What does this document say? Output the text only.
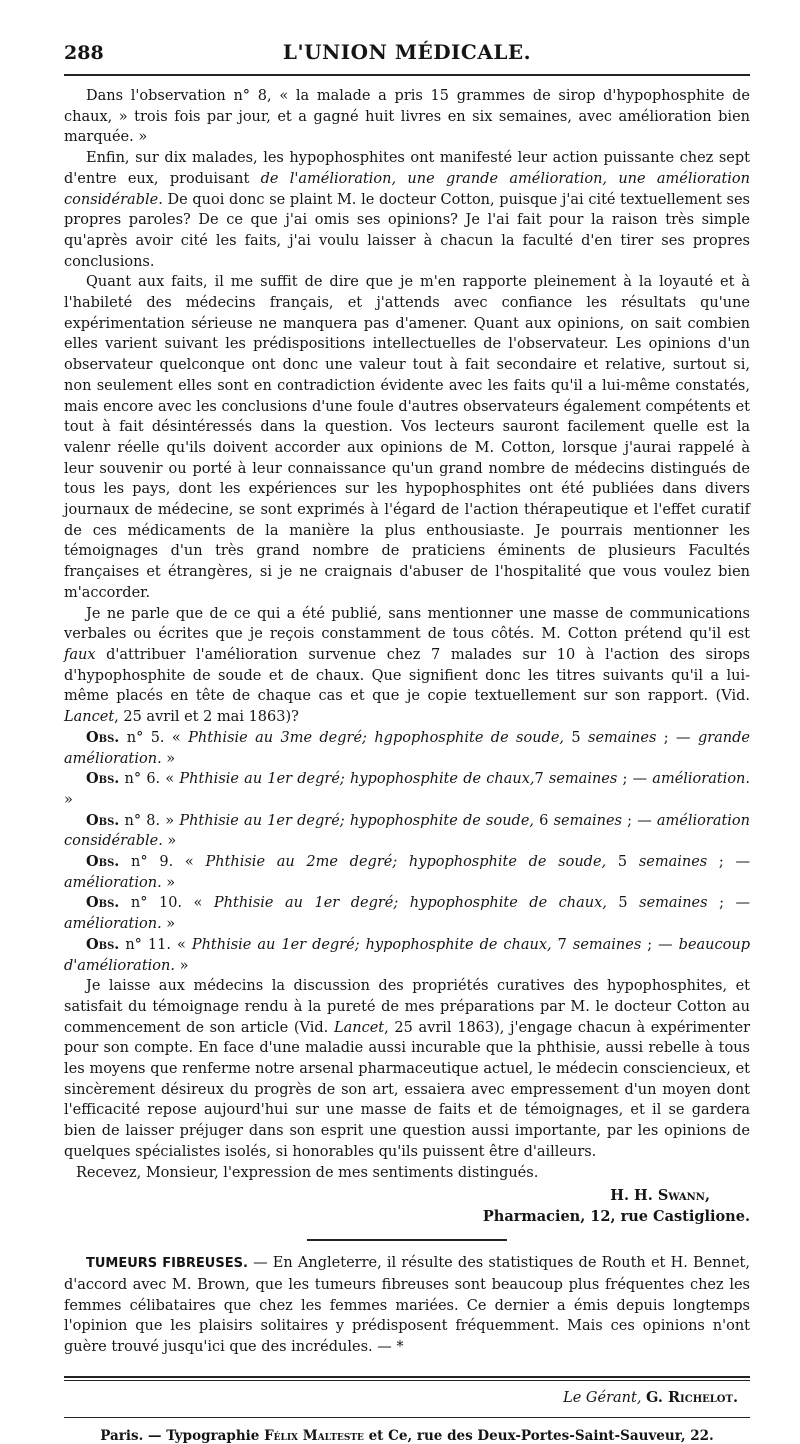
288	L'UNION MÉDICALE.

Dans l'observation n° 8, « la malade a pris 15 grammes de sirop d'hypophosphite de chaux, » trois fois par jour, et a gagné huit livres en six semaines, avec amélioration bien marquée. »

Enfin, sur dix malades, les hypophosphites ont manifesté leur action puissante chez sept d'entre eux, produisant de l'amélioration, une grande amélioration, une amélioration considérable. De quoi donc se plaint M. le docteur Cotton, puisque j'ai cité textuellement ses propres paroles? De ce que j'ai omis ses opinions? Je l'ai fait pour la raison très simple qu'après avoir cité les faits, j'ai voulu laisser à chacun la faculté d'en tirer ses propres conclusions.

Quant aux faits, il me suffit de dire que je m'en rapporte pleinement à la loyauté et à l'habileté des médecins français, et j'attends avec confiance les résultats qu'une expérimentation sérieuse ne manquera pas d'amener. Quant aux opinions, on sait combien elles varient suivant les prédispositions intellectuelles de l'observateur. Les opinions d'un observateur quelconque ont donc une valeur tout à fait secondaire et relative, surtout si, non seulement elles sont en contradiction évidente avec les faits qu'il a lui-même constatés, mais encore avec les conclusions d'une foule d'autres observateurs également compétents et tout à fait désintéressés dans la question. Vos lecteurs sauront facilement quelle est la valenr réelle qu'ils doivent accorder aux opinions de M. Cotton, lorsque j'aurai rappelé à leur souvenir ou porté à leur connaissance qu'un grand nombre de médecins distingués de tous les pays, dont les expériences sur les hypophosphites ont été publiées dans divers journaux de médecine, se sont exprimés à l'égard de l'action thérapeutique et l'effet curatif de ces médicaments de la manière la plus enthousiaste. Je pourrais mentionner les témoignages d'un très grand nombre de praticiens éminents de plusieurs Facultés françaises et étrangères, si je ne craignais d'abuser de l'hospitalité que vous voulez bien m'accorder.

Je ne parle que de ce qui a été publié, sans mentionner une masse de communications verbales ou écrites que je reçois constamment de tous côtés. M. Cotton prétend qu'il est faux d'attribuer l'amélioration survenue chez 7 malades sur 10 à l'action des sirops d'hypophosphite de soude et de chaux. Que signifient donc les titres suivants qu'il a lui-même placés en tête de chaque cas et que je copie textuellement sur son rapport. (Vid. Lancet, 25 avril et 2 mai 1863)?

Obs. n° 5. « Phthisie au 3me degré; hgpophosphite de soude, 5 semaines ; — grande amélioration. »

Obs. n° 6. « Phthisie au 1er degré; hypophosphite de chaux,7 semaines ; — amélioration. »

Obs. n° 8. » Phthisie au 1er degré; hypophosphite de soude, 6 semaines ; — amélioration considérable. »

Obs. n° 9. « Phthisie au 2me degré; hypophosphite de soude, 5 semaines ; — amélioration. »

Obs. n° 10. « Phthisie au 1er degré; hypophosphite de chaux, 5 semaines ; — amélioration. »

Obs. n° 11. « Phthisie au 1er degré; hypophosphite de chaux, 7 semaines ; — beaucoup d'amélioration. »

Je laisse aux médecins la discussion des propriétés curatives des hypophosphites, et satisfait du témoignage rendu à la pureté de mes préparations par M. le docteur Cotton au commencement de son article (Vid. Lancet, 25 avril 1863), j'engage chacun à expérimenter pour son compte. En face d'une maladie aussi incurable que la phthisie, aussi rebelle à tous les moyens que renferme notre arsenal pharmaceutique actuel, le médecin consciencieux, et sincèrement désireux du progrès de son art, essaiera avec empressement d'un moyen dont l'efficacité repose aujourd'hui sur une masse de faits et de témoignages, et il se gardera bien de laisser préjuger dans son esprit une question aussi importante, par les opinions de quelques spécialistes isolés, si honorables qu'ils puissent être d'ailleurs.

Recevez, Monsieur, l'expression de mes sentiments distingués.

H. H. Swann,
Pharmacien, 12, rue Castiglione.

TUMEURS FIBREUSES. — En Angleterre, il résulte des statistiques de Routh et H. Bennet, d'accord avec M. Brown, que les tumeurs fibreuses sont beaucoup plus fréquentes chez les femmes célibataires que chez les femmes mariées. Ce dernier a émis depuis longtemps l'opinion que les plaisirs solitaires y prédisposent fréquemment. Mais ces opinions n'ont guère trouvé jusqu'ici que des incrédules. — *

Le Gérant, G. Richelot.
Paris. — Typographie Félix Malteste et Ce, rue des Deux-Portes-Saint-Sauveur, 22.
